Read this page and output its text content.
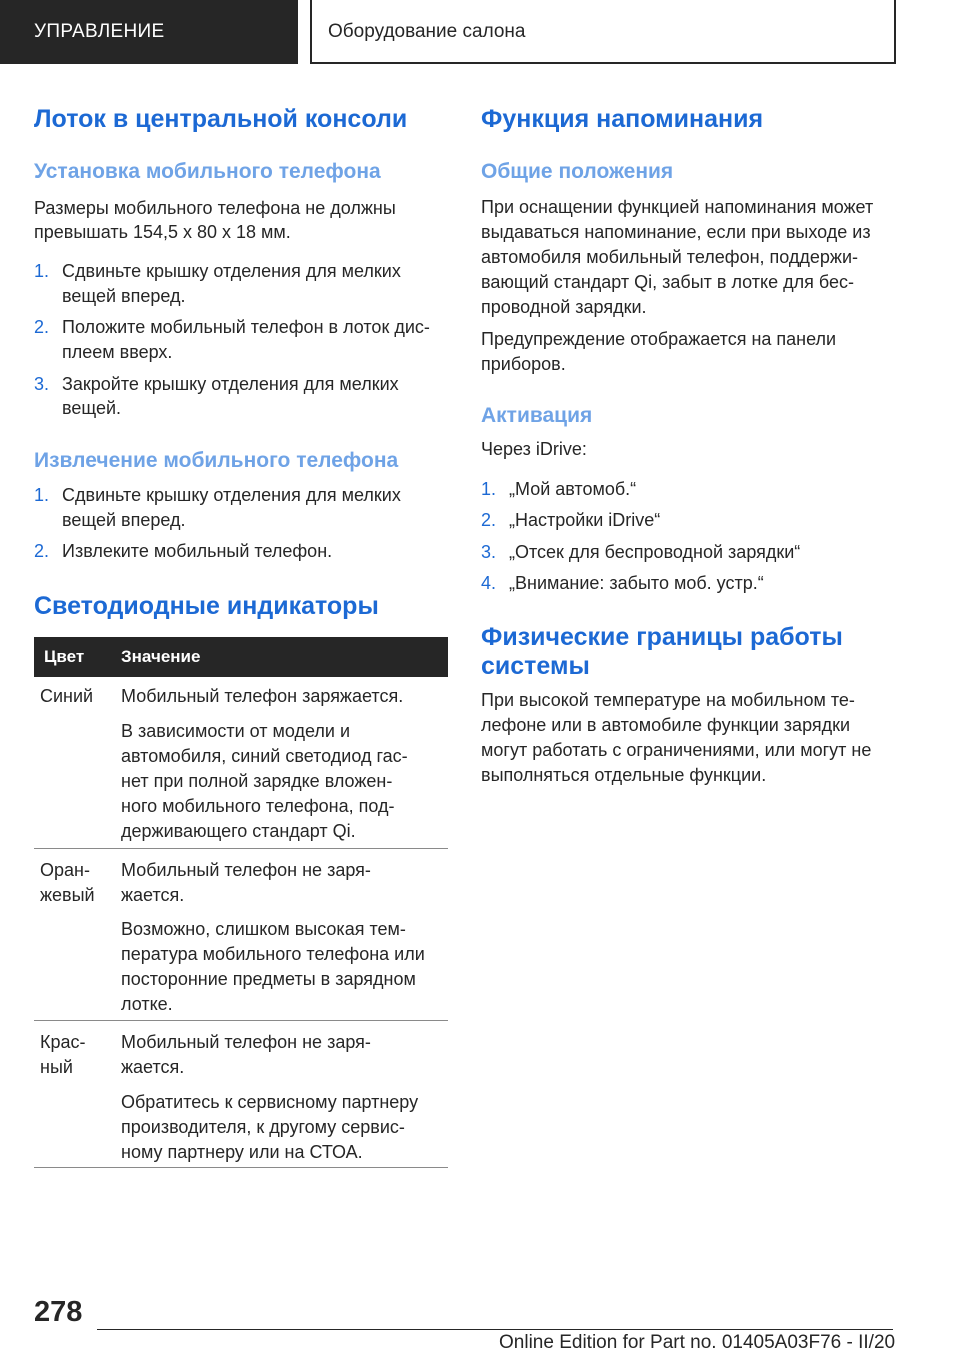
УПРАВЛЕНИЕ	Оборудование салона
Лоток в центральной консоли
Установка мобильного телефона
Размеры мобильного телефона не должны
превышать 154,5 x 80 x 18 мм.
1. Сдвиньте крышку отделения для мелких
вещей вперед.
2. Положите мобильный телефон в лоток дис-
плеем вверх.
3. Закройте крышку отделения для мелких
вещей.
Извлечение мобильного телефона
1. Сдвиньте крышку отделения для мелких
вещей вперед.
2. Извлеките мобильный телефон.
Светодиодные индикаторы
Цвет Значение
Синий Мобильный телефон заряжается.
В зависимости от модели и
автомобиля, синий светодиод гас-
нет при полной зарядке вложен-
ного мобильного телефона, под-
держивающего стандарт Qi.
Оран-
жевый
Мобильный телефон не заря-
жается.
Возможно, слишком высокая тем-
пература мобильного телефона или
посторонние предметы в зарядном
лотке.
Крас-
ный
Мобильный телефон не заря-
жается.
Обратитесь к сервисному партнеру
производителя, к другому сервис-
ному партнеру или на СТОА.
Функция напоминания
Общие положения
При оснащении функцией напоминания может
выдаваться напоминание, если при выходе из
автомобиля мобильный телефон, поддержи-
вающий стандарт Qi, забыт в лотке для бес-
проводной зарядки.
Предупреждение отображается на панели
приборов.
Активация
Через iDrive:
1. „Мой автомоб.“
2. „Настройки iDrive“
3. „Отсек для беспроводной зарядки“
4. „Внимание: забыто моб. устр.“
Физические границы работы
системы
При высокой температуре на мобильном те-
лефоне или в автомобиле функции зарядки
могут работать с ограничениями, или могут не
выполняться отдельные функции.
278
Online Edition for Part no. 01405A03F76 - II/20
